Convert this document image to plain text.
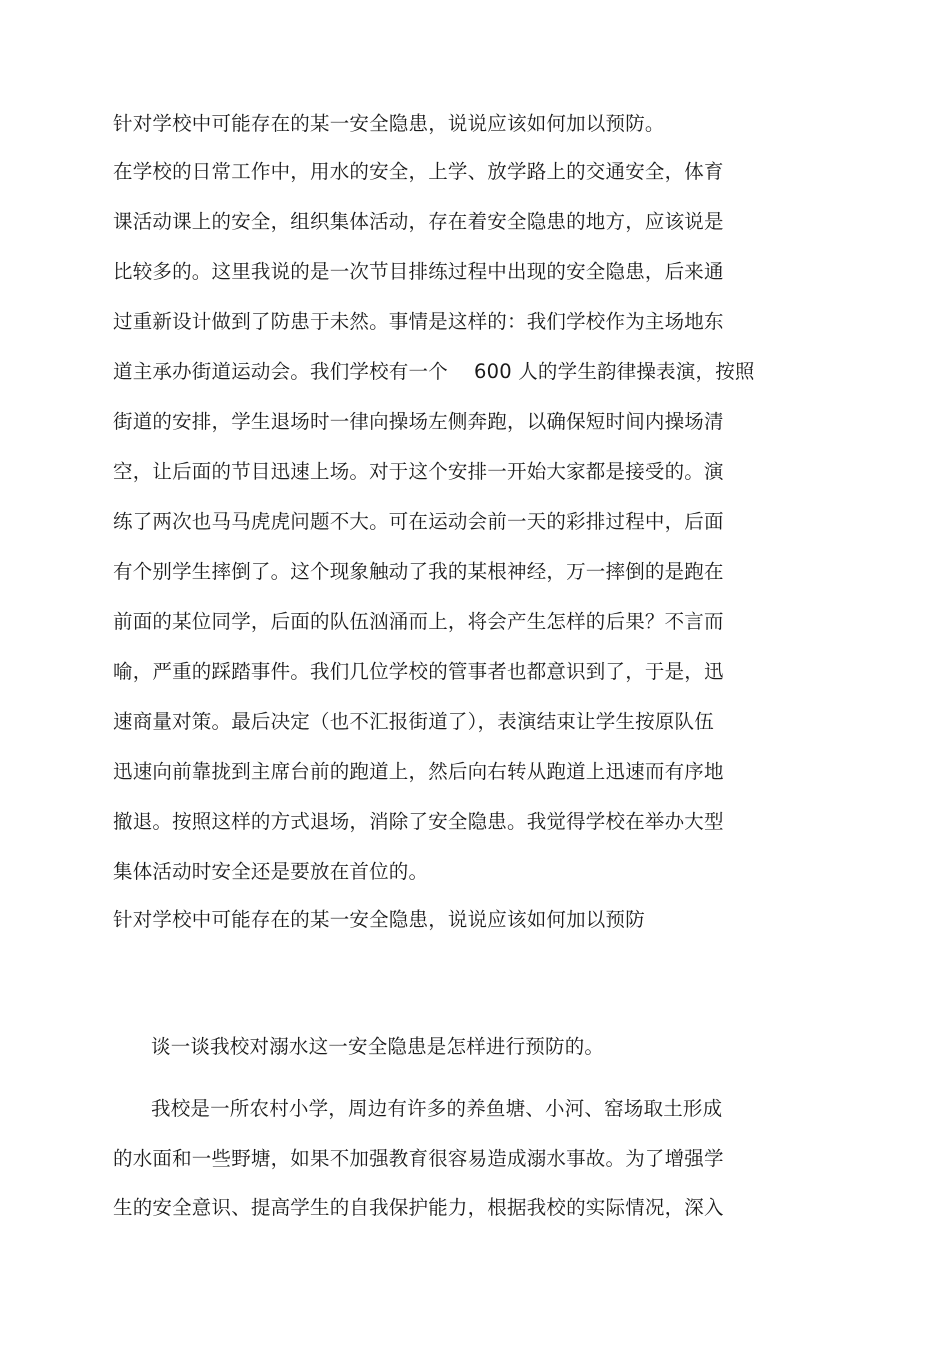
针对学校中可能存在的某一安全隐患，说说应该如何加以预防。
在学校的日常工作中，用水的安全，上学、放学路上的交通安全，体育
课活动课上的安全，组织集体活动，存在着安全隐患的地方，应该说是
比较多的。这里我说的是一次节目排练过程中出现的安全隐患，后来通
过重新设计做到了防患于未然。事情是这样的：我们学校作为主场地东
道主承办街道运动会。我们学校有一个　 600 人的学生韵律操表演，按照
街道的安排，学生退场时一律向操场左侧奔跑，以确保短时间内操场清
空，让后面的节目迅速上场。对于这个安排一开始大家都是接受的。演
练了两次也马马虎虎问题不大。可在运动会前一天的彩排过程中，后面
有个别学生摔倒了。这个现象触动了我的某根神经，万一摔倒的是跑在
前面的某位同学，后面的队伍汹涌而上，将会产生怎样的后果？不言而
喻，严重的踩踏事件。我们几位学校的管事者也都意识到了，于是，迅
速商量对策。最后决定（也不汇报街道了），表演结束让学生按原队伍
迅速向前靠拢到主席台前的跑道上，然后向右转从跑道上迅速而有序地
撤退。按照这样的方式退场，消除了安全隐患。我觉得学校在举办大型
集体活动时安全还是要放在首位的。
针对学校中可能存在的某一安全隐患，说说应该如何加以预防
谈一谈我校对溺水这一安全隐患是怎样进行预防的。
我校是一所农村小学，周边有许多的养鱼塘、小河、窑场取土形成
的水面和一些野塘，如果不加强教育很容易造成溺水事故。为了增强学
生的安全意识、提高学生的自我保护能力，根据我校的实际情况，深入
